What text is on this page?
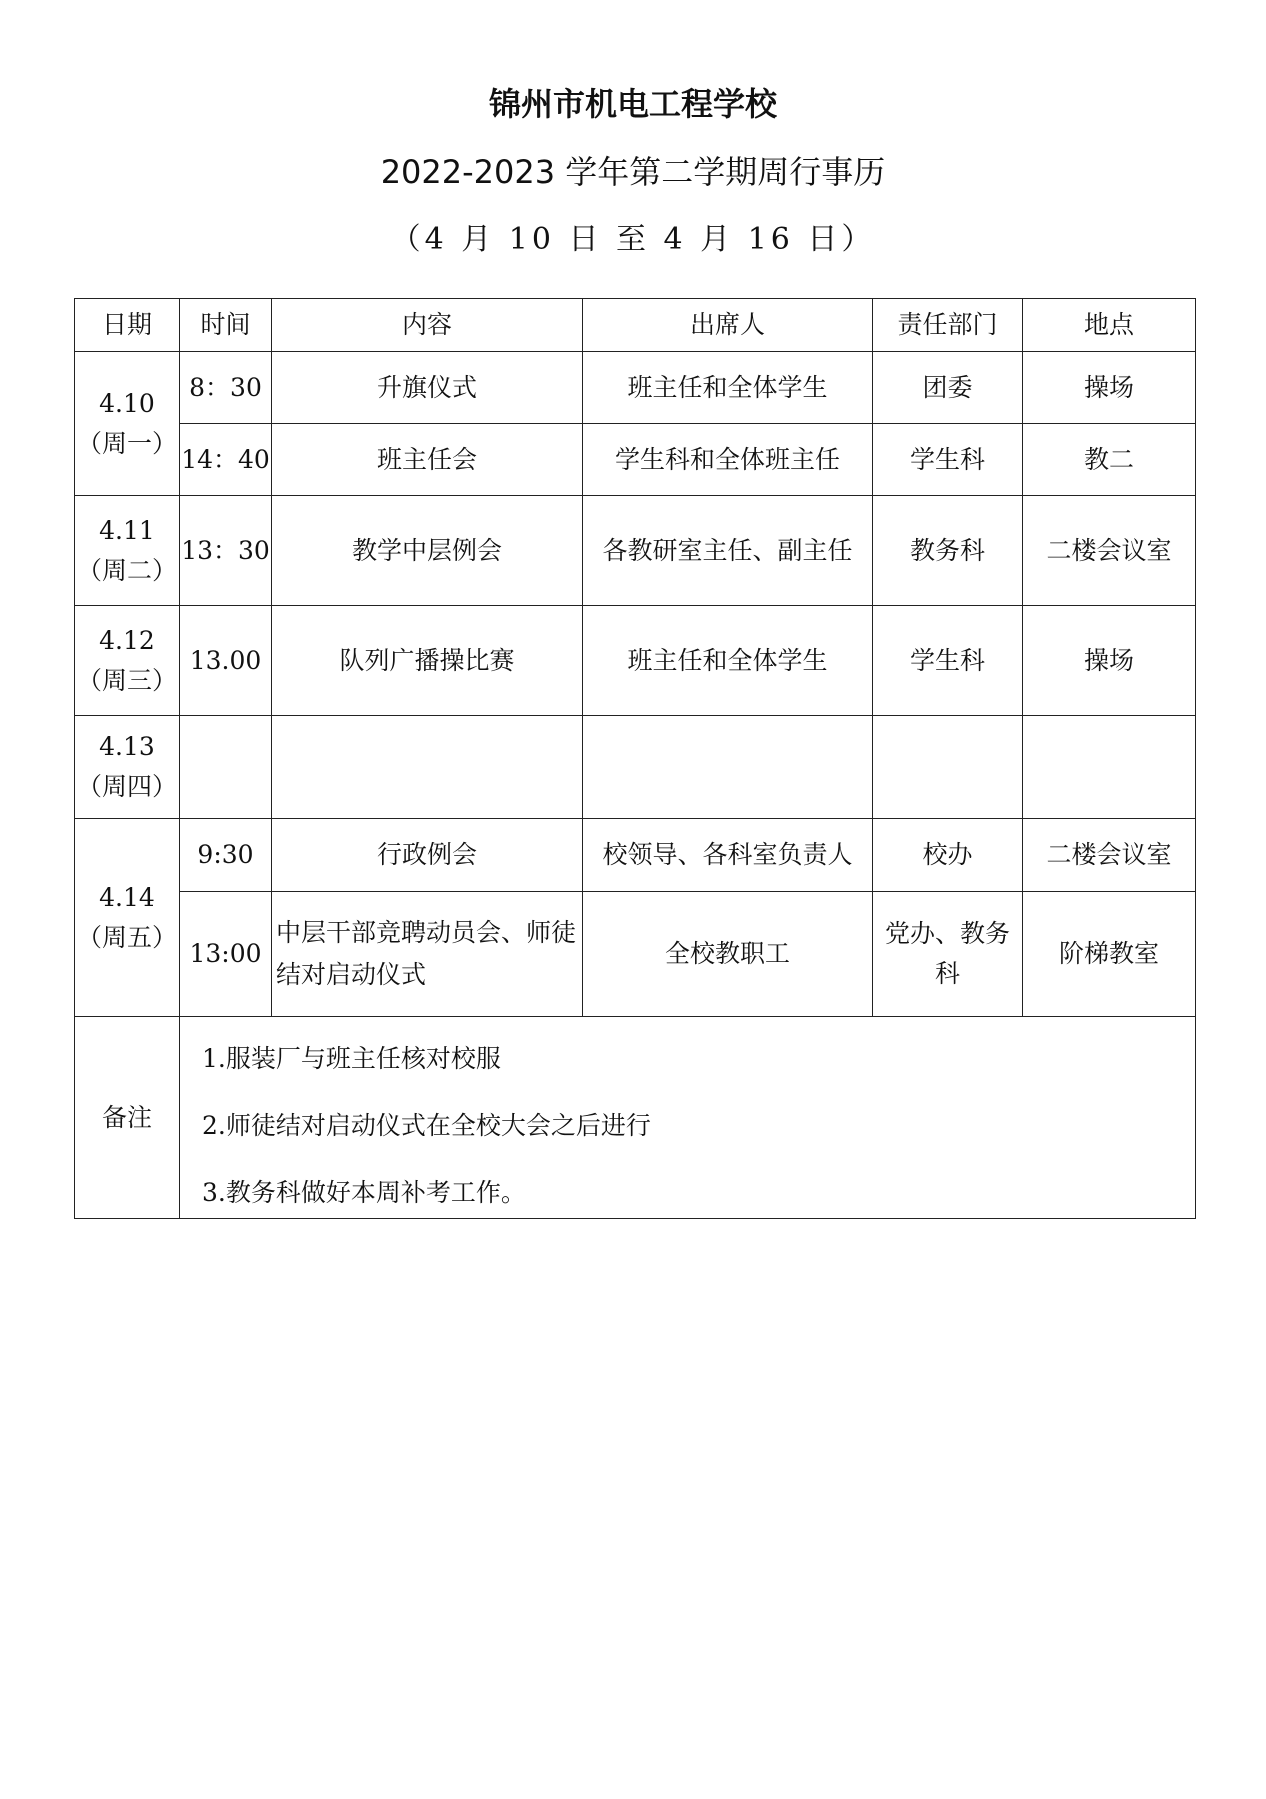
锦州市机电工程学校
2022-2023 学年第二学期周行事历
（4 月 10 日 至 4 月 16 日）
日期	时间	内容	出席人	责任部门	地点

4.10
（周一）	8：30	升旗仪式	班主任和全体学生	团委	操场
	14：40	班主任会	学生科和全体班主任	学生科	教二

4.11
（周二）	13：30	教学中层例会	各教研室主任、副主任	教务科	二楼会议室

4.12
（周三）	13.00	队列广播操比赛	班主任和全体学生	学生科	操场

4.13
（周四）					

4.14
（周五）	9:30	行政例会	校领导、各科室负责人	校办	二楼会议室
	13:00	中层干部竞聘动员会、师徒结对启动仪式	全校教职工	党办、教务科	阶梯教室
备注	1.服装厂与班主任核对校服
2.师徒结对启动仪式在全校大会之后进行
3.教务科做好本周补考工作。				
